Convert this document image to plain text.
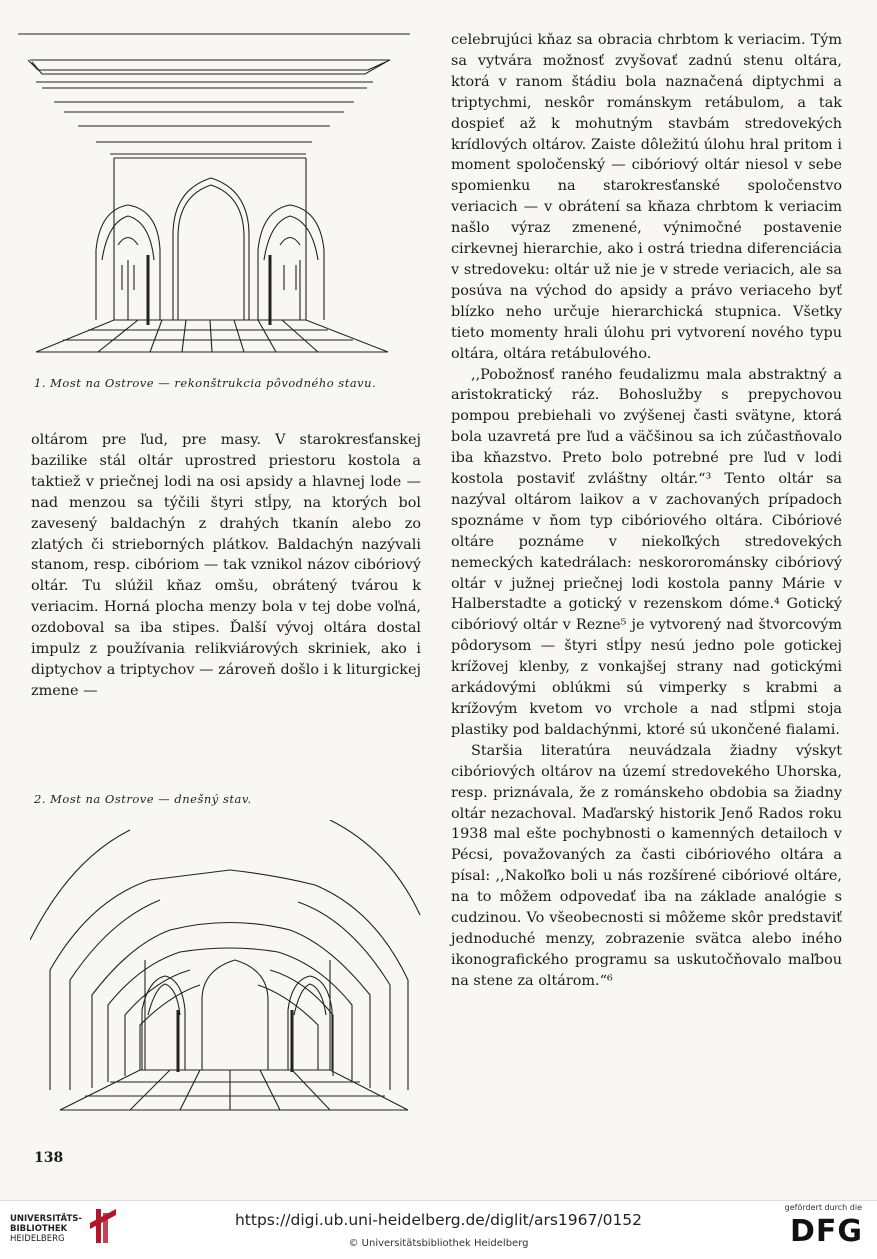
1. Most na Ostrove — rekonštrukcia pôvodného stavu.

oltárom pre ľud, pre masy. V starokresťanskej bazilike stál oltár uprostred priestoru kostola a taktiež v priečnej lodi na osi apsidy a hlavnej lode — nad menzou sa týčili štyri stĺpy, na ktorých bol zavesený baldachýn z drahých tkanín alebo zo zlatých či strieborných plátkov. Baldachýn nazývali stanom, resp. cibóriom — tak vznikol názov cibóriový oltár. Tu slúžil kňaz omšu, obrátený tvárou k veriacim. Horná plocha menzy bola v tej dobe voľná, ozdoboval sa iba stipes. Ďalší vývoj oltára dostal impulz z používania relikviárových skriniek, ako i diptychov a triptychov — zároveň došlo i k liturgickej zmene —

2. Most na Ostrove — dnešný stav.

celebrujúci kňaz sa obracia chrbtom k veriacim. Tým sa vytvára možnosť zvyšovať zadnú stenu oltára, ktorá v ranom štádiu bola naznačená diptychmi a triptychmi, neskôr románskym retábulom, a tak dospieť až k mohutným stavbám stredovekých krídlových oltárov. Zaiste dôležitú úlohu hral pritom i moment spoločenský — cibóriový oltár niesol v sebe spomienku na starokresťanské spoločenstvo veriacich — v obrátení sa kňaza chrbtom k veriacim našlo výraz zmenené, výnimočné postavenie cirkevnej hierarchie, ako i ostrá triedna diferenciácia v stredoveku: oltár už nie je v strede veriacich, ale sa posúva na východ do apsidy a právo veriaceho byť blízko neho určuje hierarchická stupnica. Všetky tieto momenty hrali úlohu pri vytvorení nového typu oltára, oltára retábulového.

,,Pobožnosť raného feudalizmu mala abstraktný a aristokratický ráz. Bohoslužby s prepychovou pompou prebiehali vo zvýšenej časti svätyne, ktorá bola uzavretá pre ľud a väčšinou sa ich zúčastňovalo iba kňazstvo. Preto bolo potrebné pre ľud v lodi kostola postaviť zvláštny oltár.“³ Tento oltár sa nazýval oltárom laikov a v zachovaných prípadoch spoznáme v ňom typ cibóriového oltára. Cibóriové oltáre poznáme v niekoľkých stredovekých nemeckých katedrálach: neskororománsky cibóriový oltár v južnej priečnej lodi kostola panny Márie v Halberstadte a gotický v rezenskom dóme.⁴ Gotický cibóriový oltár v Rezne⁵ je vytvorený nad štvorcovým pôdorysom — štyri stĺpy nesú jedno pole gotickej krížovej klenby, z vonkajšej strany nad gotickými arkádovými oblúkmi sú vimperky s krabmi a krížovým kvetom vo vrchole a nad stĺpmi stoja plastiky pod baldachýnmi, ktoré sú ukončené fialami.

Staršia literatúra neuvádzala žiadny výskyt cibóriových oltárov na území stredovekého Uhorska, resp. priznávala, že z románskeho obdobia sa žiadny oltár nezachoval. Maďarský historik Jenő Rados roku 1938 mal ešte pochybnosti o kamenných detailoch v Pécsi, považovaných za časti cibóriového oltára a písal: ,,Nakoľko boli u nás rozšírené cibóriové oltáre, na to môžem odpovedať iba na základe analógie s cudzinou. Vo všeobecnosti si môžeme skôr predstaviť jednoduché menzy, zobrazenie svätca alebo iného ikonografického programu sa uskutočňovalo maľbou na stene za oltárom.“⁶

138
UNIVERSITÄTS-
BIBLIOTHEK
HEIDELBERG
https://digi.ub.uni-heidelberg.de/diglit/ars1967/0152
© Universitätsbibliothek Heidelberg
gefördert durch die
DFG
